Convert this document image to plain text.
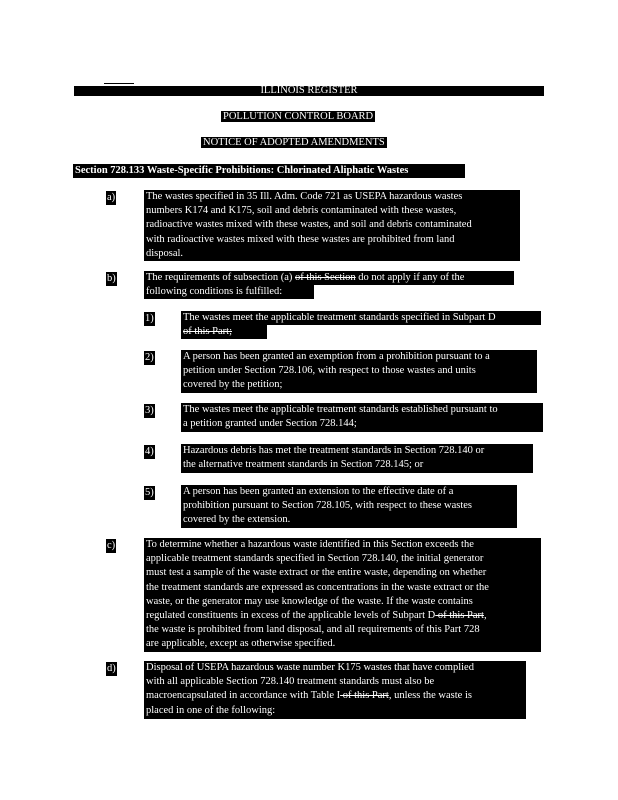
ILLINOIS REGISTER
POLLUTION CONTROL BOARD
NOTICE OF ADOPTED AMENDMENTS
Section 728.133 Waste-Specific Prohibitions: Chlorinated Aliphatic Wastes
a)	The wastes specified in 35 Ill. Adm. Code 721 as USEPA hazardous wastes
numbers K174 and K175, soil and debris contaminated with these wastes,
radioactive wastes mixed with these wastes, and soil and debris contaminated
with radioactive wastes mixed with these wastes are prohibited from land
disposal.
b)	The requirements of subsection (a) of this Section do not apply if any of the
following conditions is fulfilled:
1)	The wastes meet the applicable treatment standards specified in Subpart D
of this Part;
2)	A person has been granted an exemption from a prohibition pursuant to a
petition under Section 728.106, with respect to those wastes and units
covered by the petition;
3)	The wastes meet the applicable treatment standards established pursuant to
a petition granted under Section 728.144;
4)	Hazardous debris has met the treatment standards in Section 728.140 or
the alternative treatment standards in Section 728.145; or
5)	A person has been granted an extension to the effective date of a
prohibition pursuant to Section 728.105, with respect to these wastes
covered by the extension.
c)	To determine whether a hazardous waste identified in this Section exceeds the
applicable treatment standards specified in Section 728.140, the initial generator
must test a sample of the waste extract or the entire waste, depending on whether
the treatment standards are expressed as concentrations in the waste extract or the
waste, or the generator may use knowledge of the waste. If the waste contains
regulated constituents in excess of the applicable levels of Subpart D of this Part,
the waste is prohibited from land disposal, and all requirements of this Part 728
are applicable, except as otherwise specified.
d)	Disposal of USEPA hazardous waste number K175 wastes that have complied
with all applicable Section 728.140 treatment standards must also be
macroencapsulated in accordance with Table I of this Part, unless the waste is
placed in one of the following:
